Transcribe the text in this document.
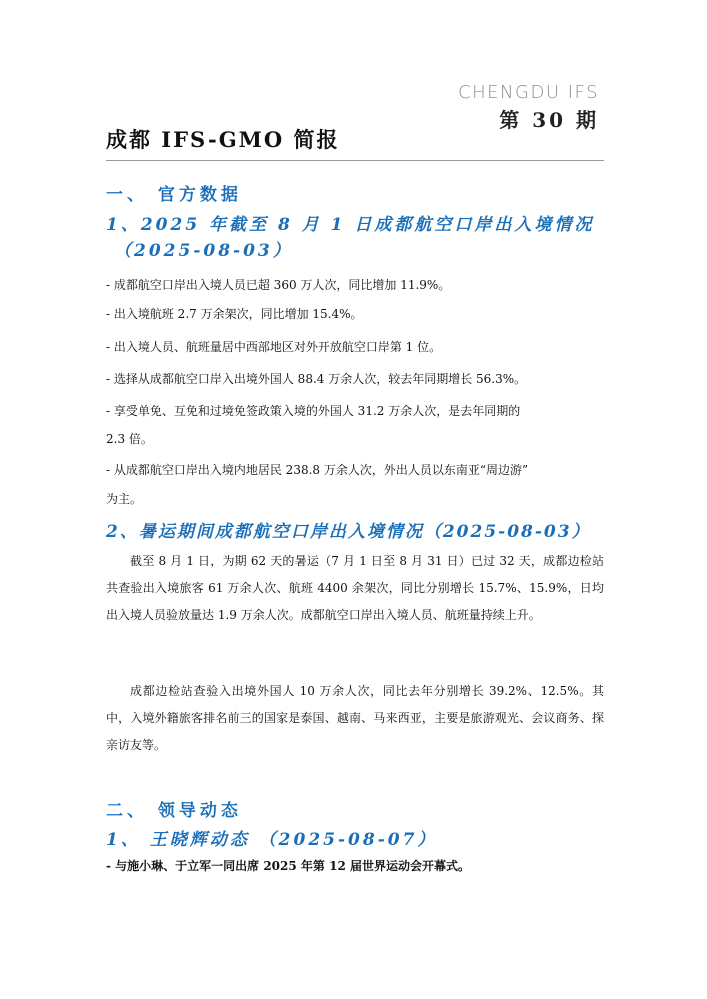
CHENGDU IFS
第 30 期
成都 IFS-GMO 简报
一、 官方数据
1、2025 年截至 8 月 1 日成都航空口岸出入境情况
（2025-08-03）
- 成都航空口岸出入境人员已超 360 万人次，同比增加 11.9%。
- 出入境航班 2.7 万余架次，同比增加 15.4%。
- 出入境人员、航班量居中西部地区对外开放航空口岸第 1 位。
- 选择从成都航空口岸入出境外国人 88.4 万余人次，较去年同期增长 56.3%。
- 享受单免、互免和过境免签政策入境的外国人 31.2 万余人次，是去年同期的
2.3 倍。
- 从成都航空口岸出入境内地居民 238.8 万余人次，外出人员以东南亚“周边游”
为主。
2、暑运期间成都航空口岸出入境情况（2025-08-03）
截至 8 月 1 日，为期 62 天的暑运（7 月 1 日至 8 月 31 日）已过 32 天，成都边检站共查验出入境旅客 61 万余人次、航班 4400 余架次，同比分别增长 15.7%、15.9%，日均出入境人员验放量达 1.9 万余人次。成都航空口岸出入境人员、航班量持续上升。
成都边检站查验入出境外国人 10 万余人次，同比去年分别增长 39.2%、12.5%。其中，入境外籍旅客排名前三的国家是泰国、越南、马来西亚，主要是旅游观光、会议商务、探亲访友等。
二、 领导动态
1、 王晓辉动态 （2025-08-07）
- 与施小琳、于立军一同出席 2025 年第 12 届世界运动会开幕式。
